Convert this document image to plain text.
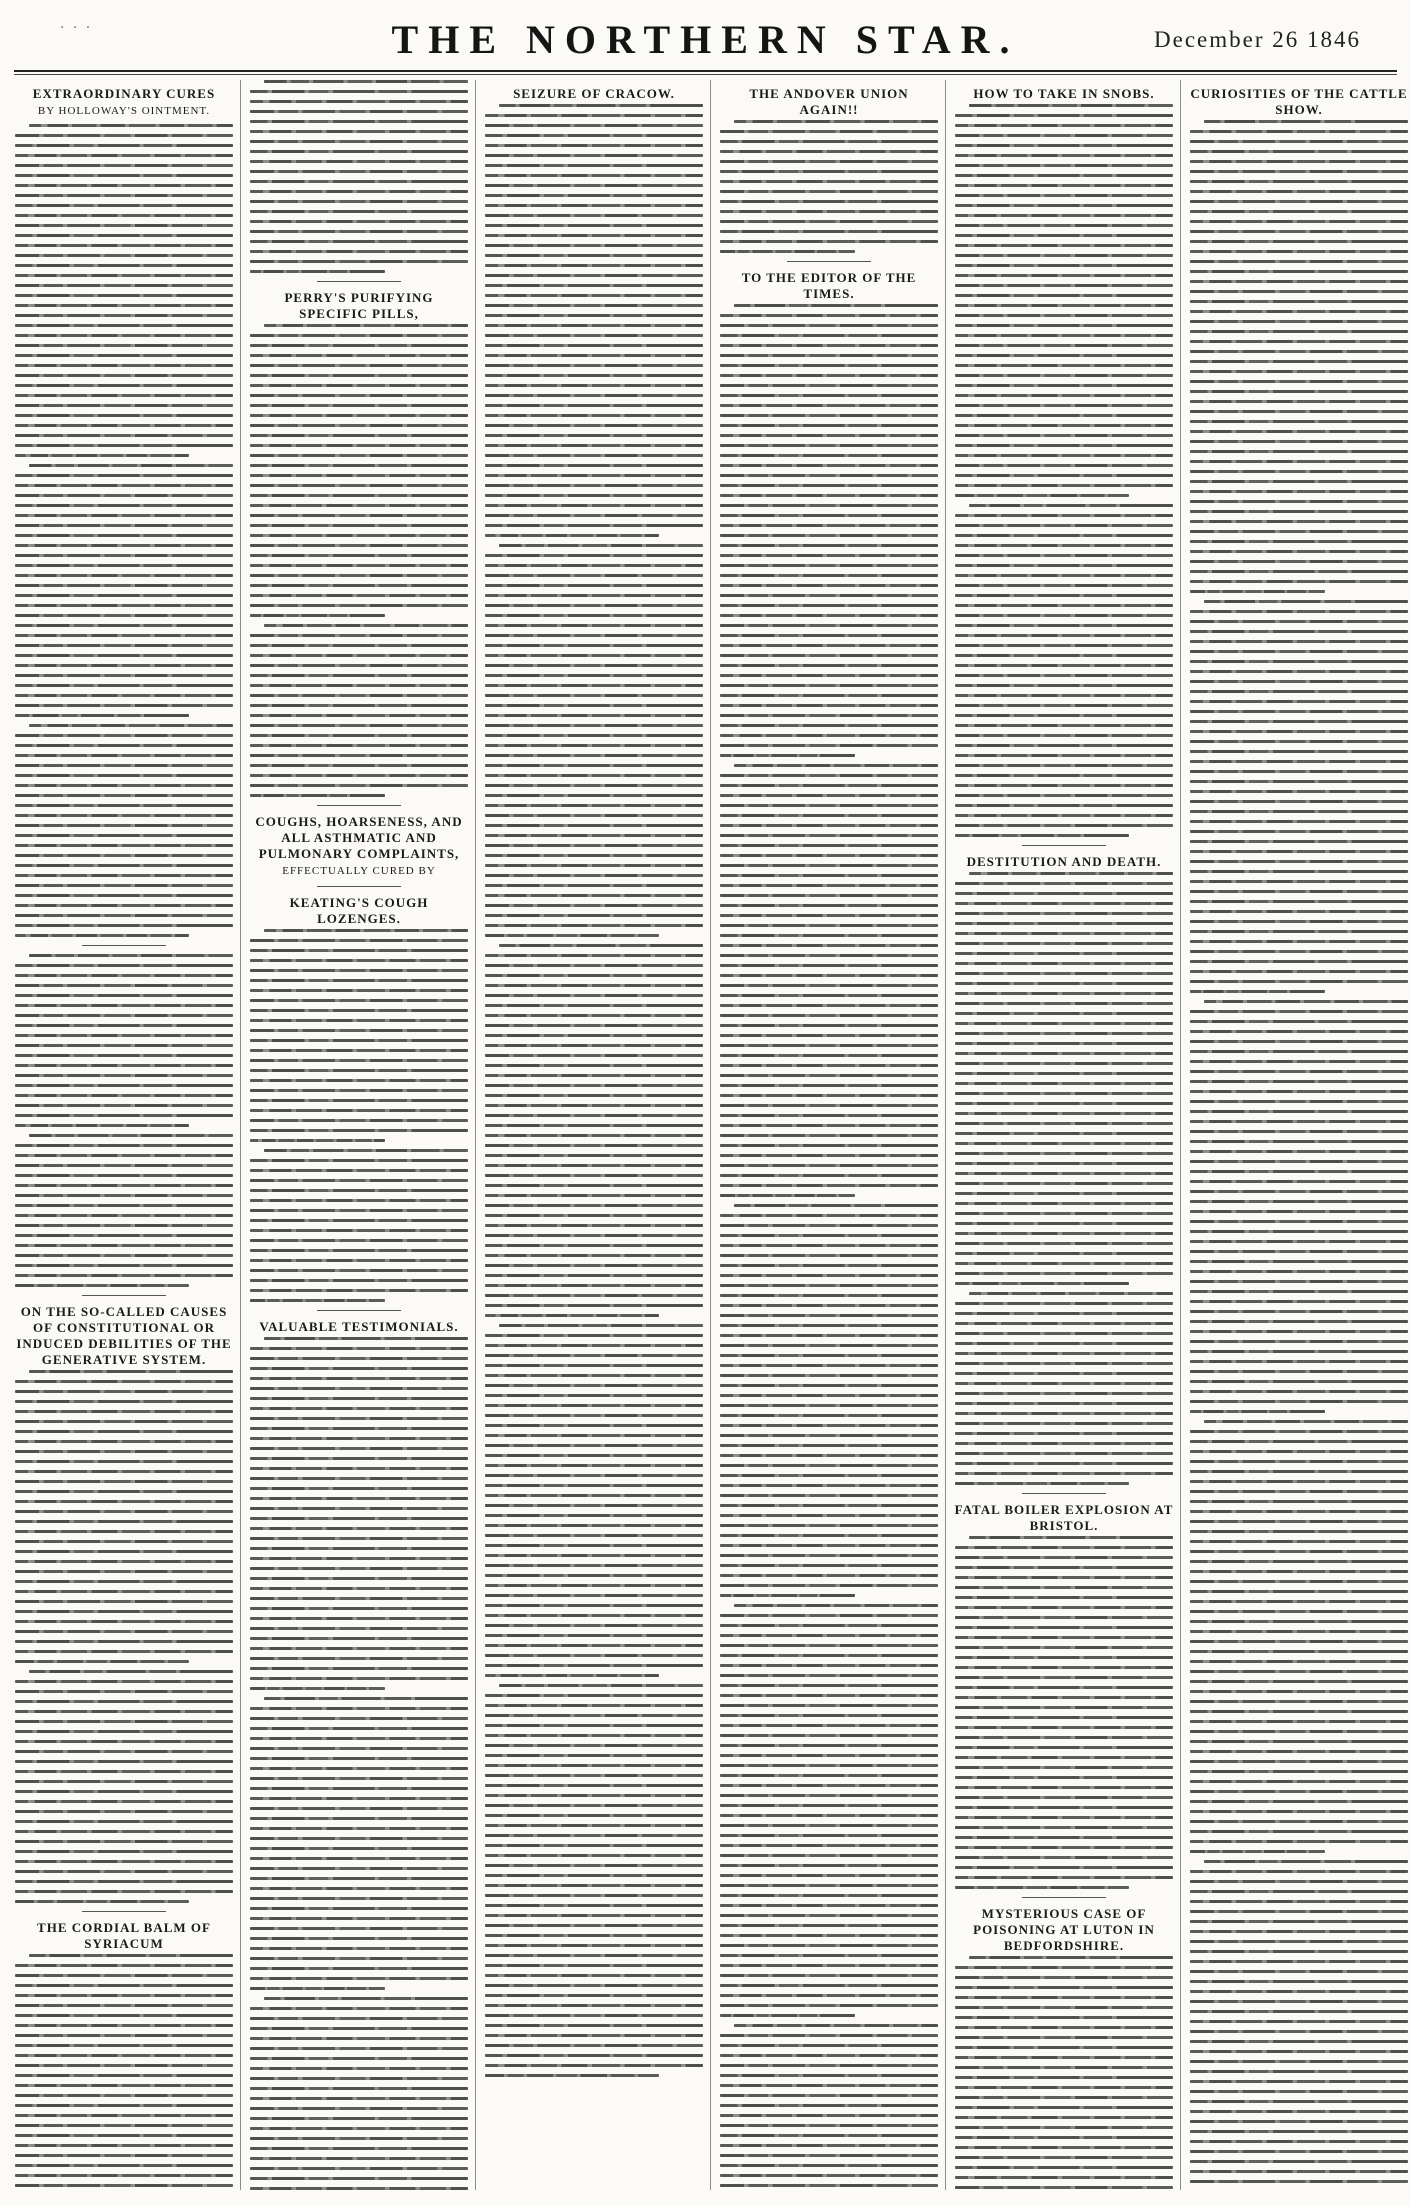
· · ·	THE NORTHERN STAR.	December 26 1846
EXTRAORDINARY CURES
BY HOLLOWAY'S OINTMENT.
ON THE SO-CALLED CAUSES OF CONSTITUTIONAL OR INDUCED DEBILITIES OF THE GENERATIVE SYSTEM.
THE CORDIAL BALM OF SYRIACUM
PERRY'S PURIFYING SPECIFIC PILLS,
COUGHS, HOARSENESS, AND ALL ASTHMATIC AND PULMONARY COMPLAINTS,
EFFECTUALLY CURED BY
KEATING'S COUGH LOZENGES.
VALUABLE TESTIMONIALS.
SEIZURE OF CRACOW.	THE ANDOVER UNION AGAIN!!
TO THE EDITOR OF THE TIMES.
HOW TO TAKE IN SNOBS.
DESTITUTION AND DEATH.
FATAL BOILER EXPLOSION AT BRISTOL.
MYSTERIOUS CASE OF POISONING AT LUTON IN BEDFORDSHIRE.
CURIOSITIES OF THE CATTLE SHOW.
